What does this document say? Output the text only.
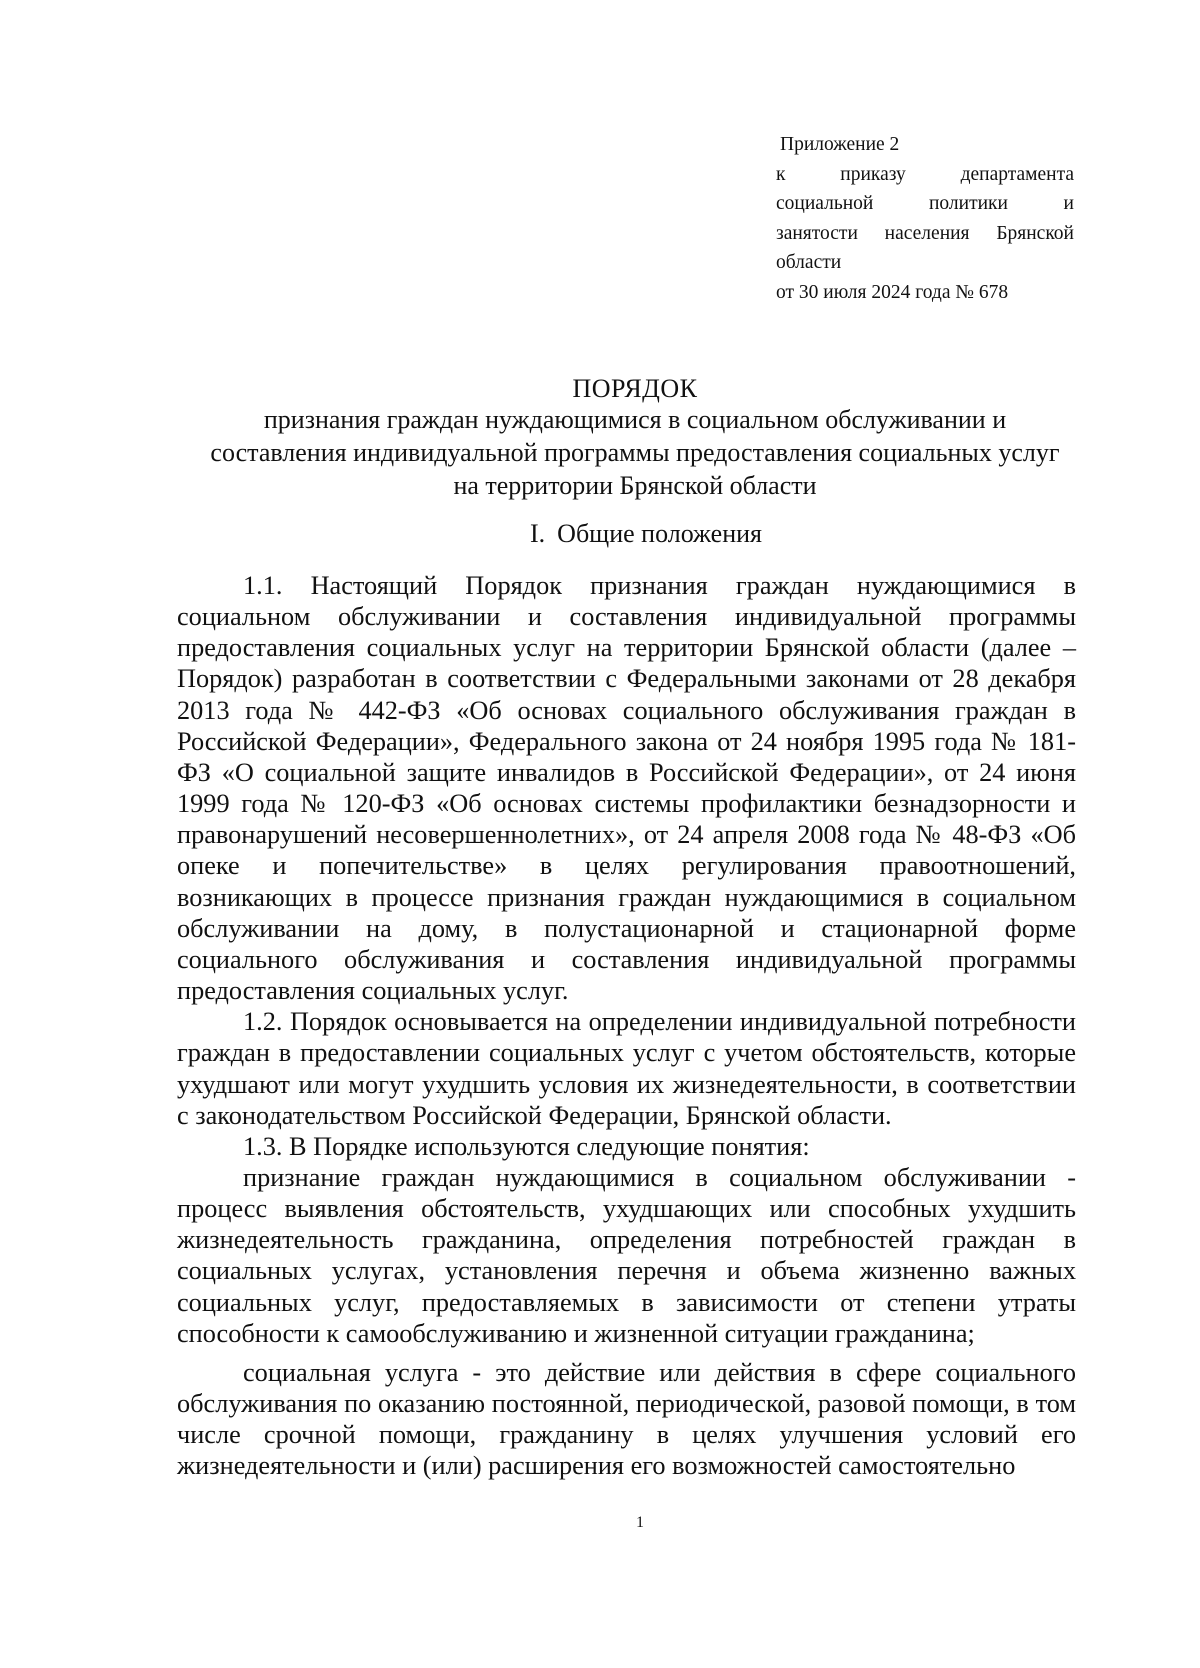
Приложение 2
к приказу департамента
социальной политики и
занятости населения Брянской
области
от 30 июля 2024 года № 678
ПОРЯДОК
признания граждан нуждающимися в социальном обслуживании и
составления индивидуальной программы предоставления социальных услуг
на территории Брянской области
I. Общие положения

1.1. Настоящий Порядок признания граждан нуждающимися в социальном обслуживании и составления индивидуальной программы предоставления социальных услуг на территории Брянской области (далее – Порядок) разработан в соответствии с Федеральными законами от 28 декабря 2013 года № 442-ФЗ «Об основах социального обслуживания граждан в Российской Федерации», Федерального закона от 24 ноября 1995 года № 181-ФЗ «О социальной защите инвалидов в Российской Федерации», от 24 июня 1999 года № 120-ФЗ «Об основах системы профилактики безнадзорности и правонарушений несовершеннолетних», от 24 апреля 2008 года № 48-ФЗ «Об опеке и попечительстве» в целях регулирования правоотношений, возникающих в процессе признания граждан нуждающимися в социальном обслуживании на дому, в полустационарной и стационарной форме социального обслуживания и составления индивидуальной программы предоставления социальных услуг.

1.2. Порядок основывается на определении индивидуальной потребности граждан в предоставлении социальных услуг с учетом обстоятельств, которые ухудшают или могут ухудшить условия их жизнедеятельности, в соответствии с законодательством Российской Федерации, Брянской области.

1.3. В Порядке используются следующие понятия:

признание граждан нуждающимися в социальном обслуживании - процесс выявления обстоятельств, ухудшающих или способных ухудшить жизнедеятельность гражданина, определения потребностей граждан в социальных услугах, установления перечня и объема жизненно важных социальных услуг, предоставляемых в зависимости от степени утраты способности к самообслуживанию и жизненной ситуации гражданина;

социальная услуга - это действие или действия в сфере социального обслуживания по оказанию постоянной, периодической, разовой помощи, в том числе срочной помощи, гражданину в целях улучшения условий его жизнедеятельности и (или) расширения его возможностей самостоятельно

1
